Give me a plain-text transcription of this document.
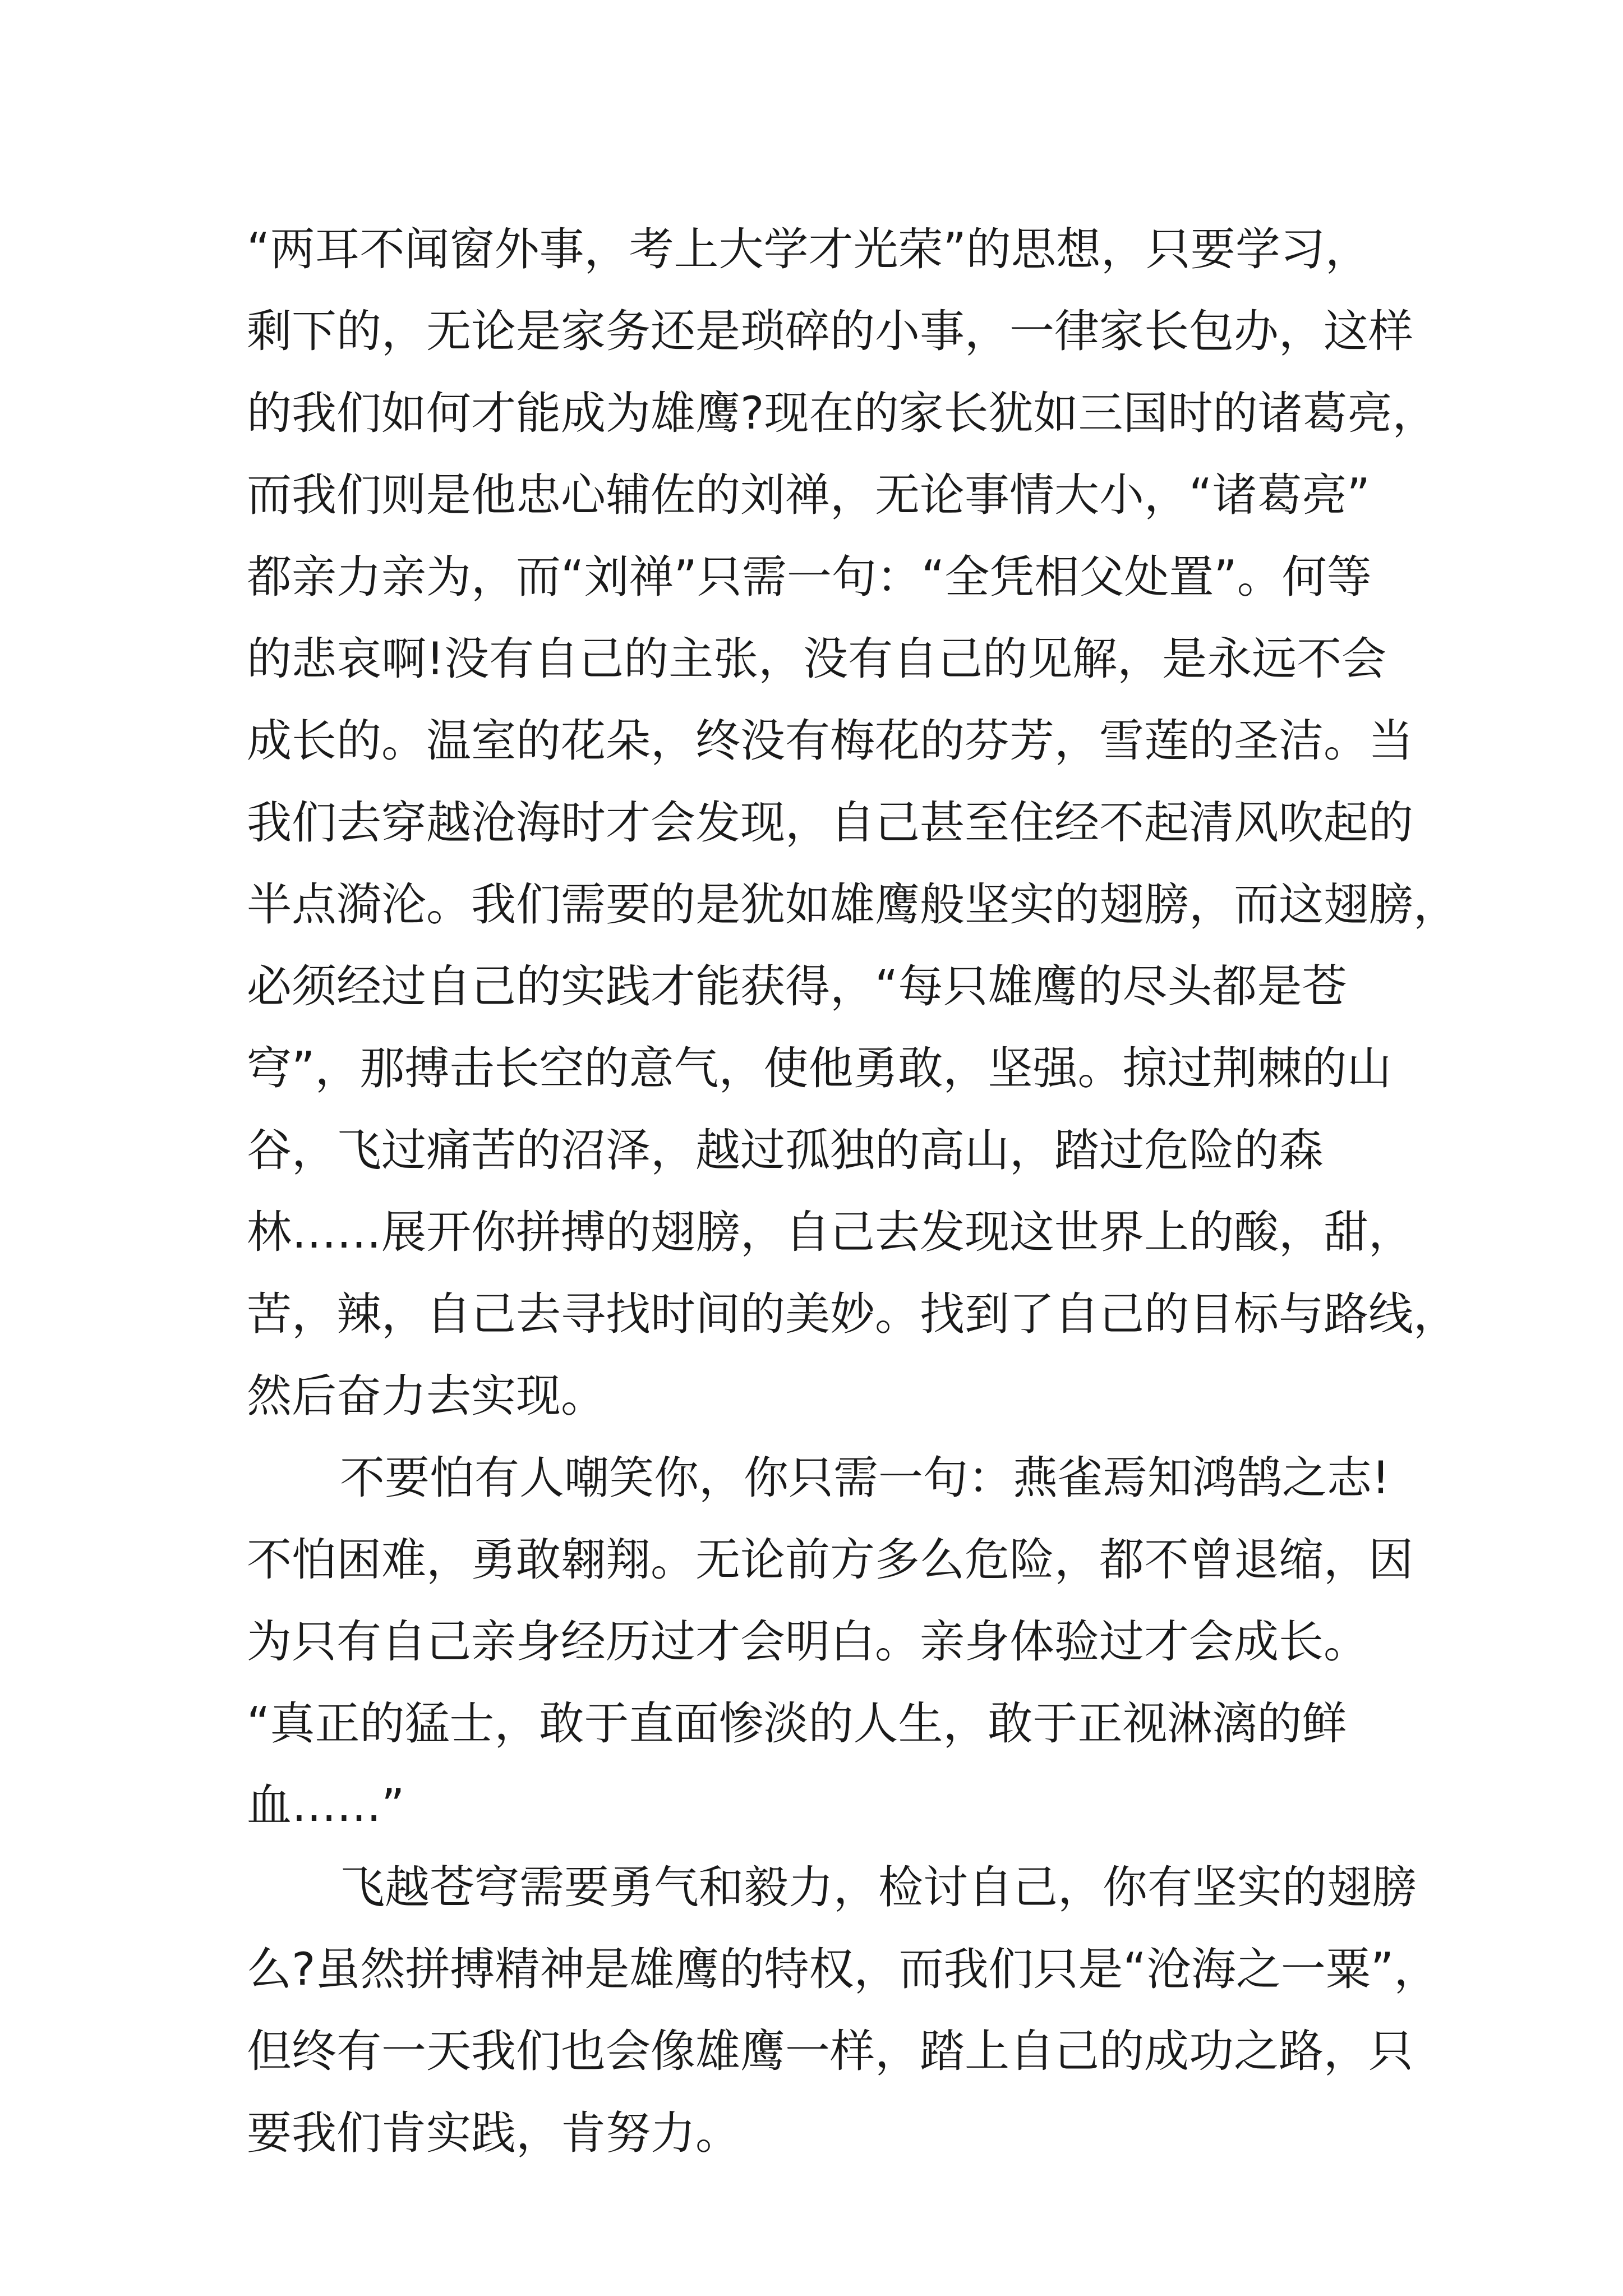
“两耳不闻窗外事，考上大学才光荣”的思想，只要学习，
剩下的，无论是家务还是琐碎的小事，一律家长包办，这样
的我们如何才能成为雄鹰?现在的家长犹如三国时的诸葛亮，
而我们则是他忠心辅佐的刘禅，无论事情大小，“诸葛亮”
都亲力亲为，而“刘禅”只需一句：“全凭相父处置”。何等
的悲哀啊!没有自己的主张，没有自己的见解，是永远不会
成长的。温室的花朵，终没有梅花的芬芳，雪莲的圣洁。当
我们去穿越沧海时才会发现，自己甚至住经不起清风吹起的
半点漪沦。我们需要的是犹如雄鹰般坚实的翅膀，而这翅膀，
必须经过自己的实践才能获得，“每只雄鹰的尽头都是苍
穹”，那搏击长空的意气，使他勇敢，坚强。掠过荆棘的山
谷，飞过痛苦的沼泽，越过孤独的高山，踏过危险的森
林……展开你拼搏的翅膀，自己去发现这世界上的酸，甜，
苦，辣，自己去寻找时间的美妙。找到了自己的目标与路线，
然后奋力去实现。
不要怕有人嘲笑你，你只需一句：燕雀焉知鸿鹄之志!
不怕困难，勇敢翱翔。无论前方多么危险，都不曾退缩，因
为只有自己亲身经历过才会明白。亲身体验过才会成长。
“真正的猛士，敢于直面惨淡的人生，敢于正视淋漓的鲜
血……”
飞越苍穹需要勇气和毅力，检讨自己，你有坚实的翅膀
么?虽然拼搏精神是雄鹰的特权，而我们只是“沧海之一粟”，
但终有一天我们也会像雄鹰一样，踏上自己的成功之路，只
要我们肯实践，肯努力。
